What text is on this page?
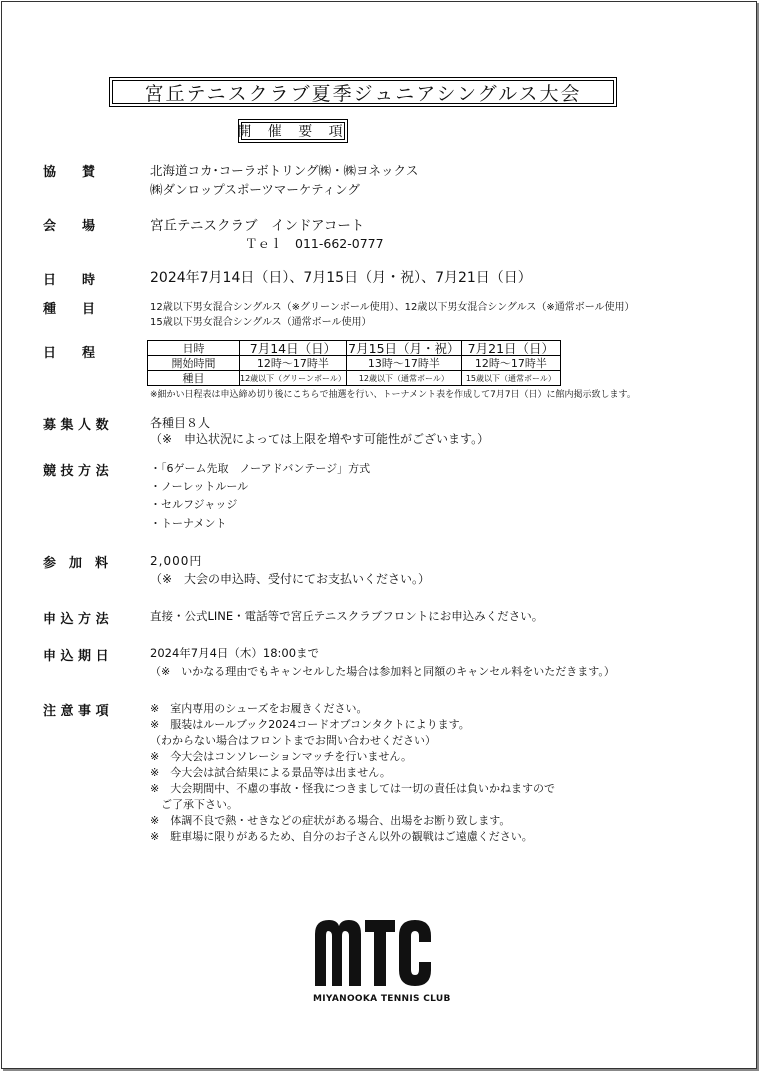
宮丘テニスクラブ夏季ジュニアシングルス大会
開 催 要 項
協　　賛	北海道コカ･コーラボトリング㈱・㈱ヨネックス
㈱ダンロップスポーツマーケティング
会　　場	宮丘テニスクラブ　インドアコート
Ｔｅｌ　011-662-0777
日　　時	2024年7月14日（日）、7月15日（月・祝）、7月21日（日）
種　　目	12歳以下男女混合シングルス（※グリーンボール使用）、12歳以下男女混合シングルス（※通常ボール使用）
15歳以下男女混合シングルス（通常ボール使用）
日　　程	日時	7月14日（日）	7月15日（月・祝）	7月21日（日）
開始時間	12時～17時半	13時～17時半	12時～17時半
種目	12歳以下（グリーンボール）	12歳以下（通常ボール）	15歳以下（通常ボール）
※細かい日程表は申込締め切り後にこちらで抽選を行い、トーナメント表を作成して7月7日（日）に館内掲示致します。
募 集 人 数	各種目８人
（※　申込状況によっては上限を増やす可能性がございます。）
競 技 方 法	・「6ゲーム先取　ノーアドバンテージ」方式
・ノーレットルール
・セルフジャッジ
・トーナメント
参　加　料	2,000円
（※　大会の申込時、受付にてお支払いください。）
申 込 方 法	直接・公式LINE・電話等で宮丘テニスクラブフロントにお申込みください。
申 込 期 日	2024年7月4日（木）18:00まで
（※　いかなる理由でもキャンセルした場合は参加料と同額のキャンセル料をいただきます。）
注 意 事 項	※　室内専用のシューズをお履きください。
※　服装はルールブック2024コードオブコンタクトによります。
（わからない場合はフロントまでお問い合わせください）
※　今大会はコンソレーションマッチを行いません。
※　今大会は試合結果による景品等は出ません。
※　大会期間中、不慮の事故・怪我につきましては一切の責任は負いかねますので
　ご了承下さい。
※　体調不良で熱・せきなどの症状がある場合、出場をお断り致します。
※　駐車場に限りがあるため、自分のお子さん以外の観戦はご遠慮ください。
MIYANOOKA TENNIS CLUB
